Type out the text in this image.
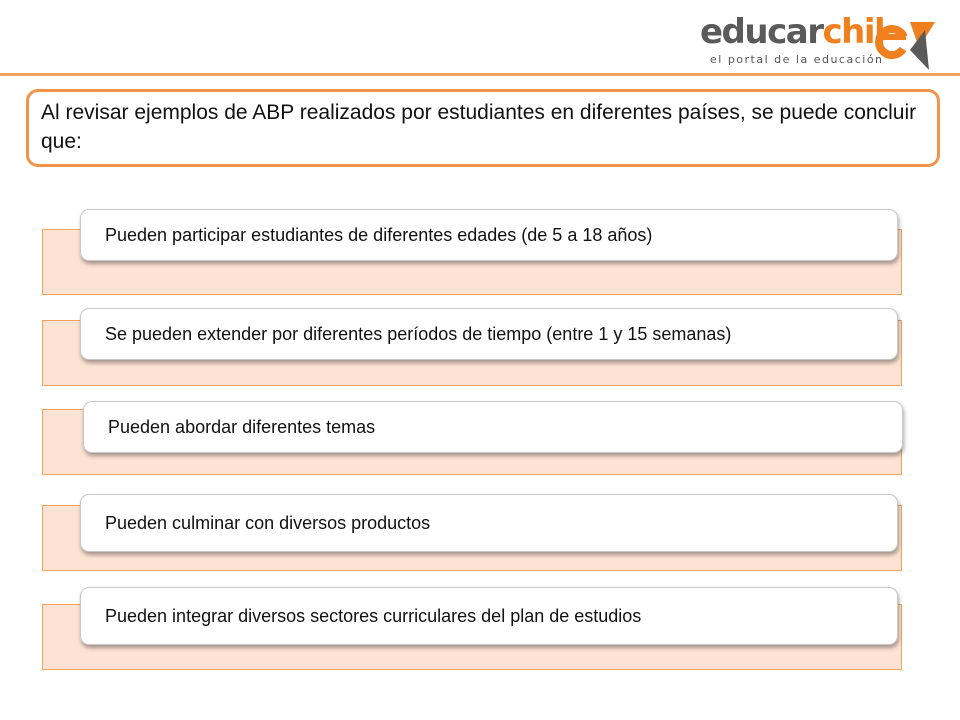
educarchil
el portal de la educación
Al revisar ejemplos de ABP realizados por estudiantes en diferentes países, se puede concluir que:
Pueden participar estudiantes de diferentes edades (de 5 a 18 años)
Se pueden extender por diferentes períodos de tiempo (entre 1 y 15 semanas)
Pueden abordar diferentes temas
Pueden culminar con diversos productos
Pueden integrar diversos sectores curriculares del plan de estudios
